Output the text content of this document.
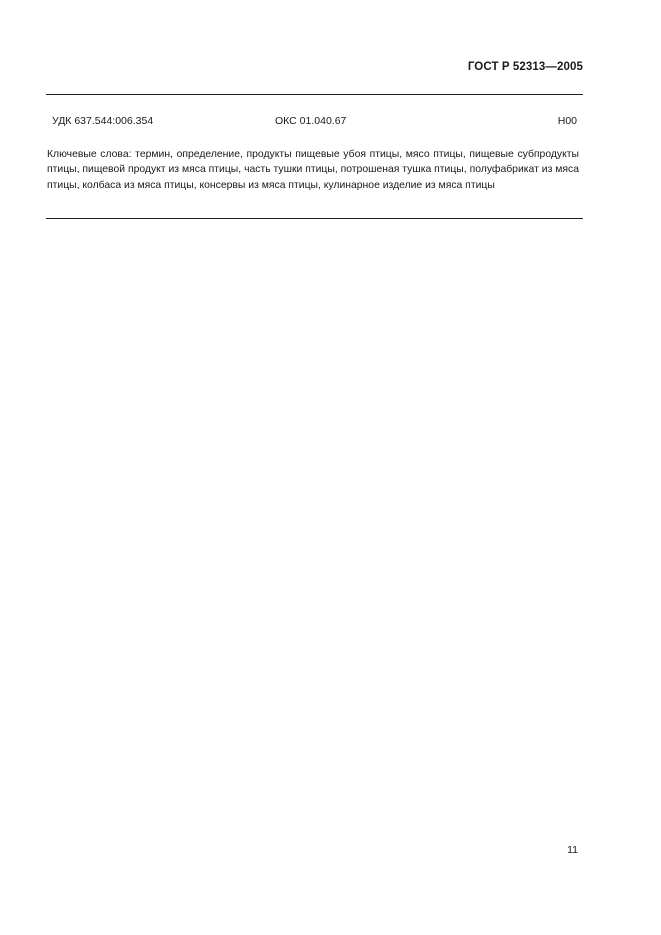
ГОСТ Р 52313—2005
УДК 637.544:006.354	ОКС 01.040.67	Н00
Ключевые слова: термин, определение, продукты пищевые убоя птицы, мясо птицы, пищевые субпродукты птицы, пищевой продукт из мяса птицы, часть тушки птицы, потрошеная тушка птицы, полуфабрикат из мяса птицы, колбаса из мяса птицы, консервы из мяса птицы, кулинарное изделие из мяса птицы
11
